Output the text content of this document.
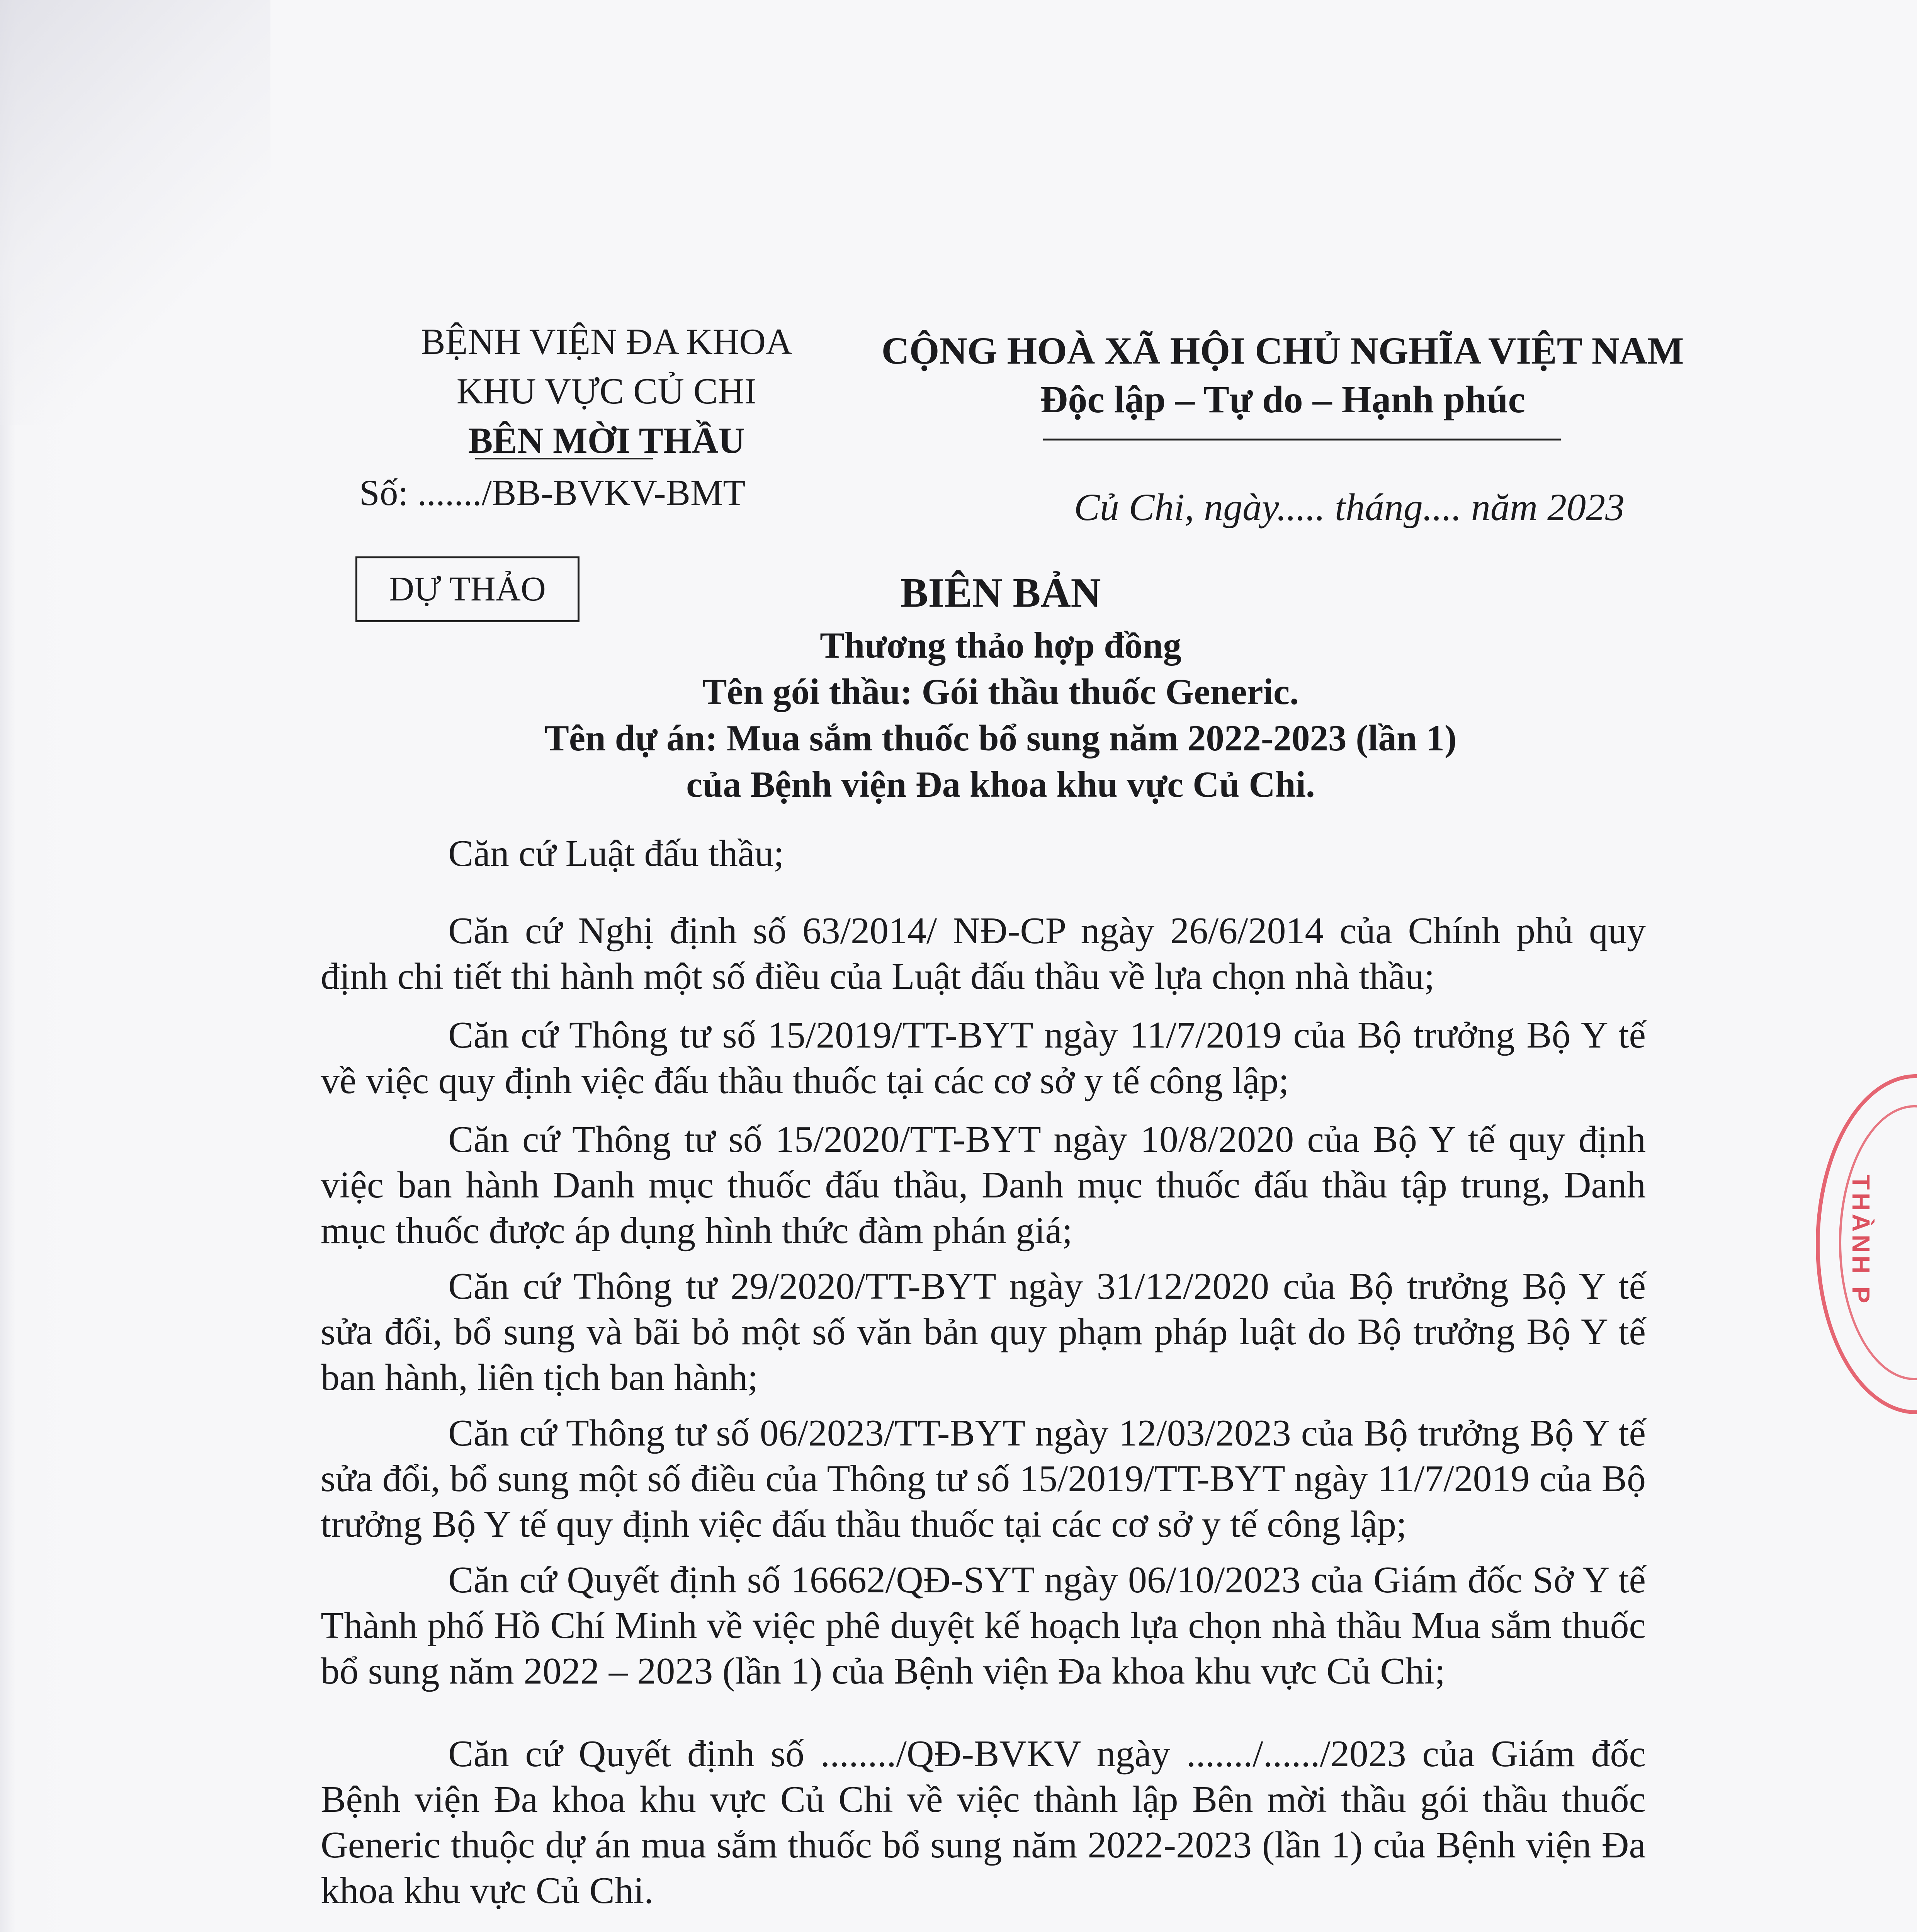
THÀNH P
BỆNH VIỆN ĐA KHOA
KHU VỰC CỦ CHI
BÊN MỜI THẦU
Số: ......./BB-BVKV-BMT
CỘNG HOÀ XÃ HỘI CHỦ NGHĨA VIỆT NAM
Độc lập – Tự do – Hạnh phúc
Củ Chi, ngày..... tháng.... năm 2023
DỰ THẢO	BIÊN BẢN
Thương thảo hợp đồng
Tên gói thầu: Gói thầu thuốc Generic.
Tên dự án: Mua sắm thuốc bổ sung năm 2022-2023 (lần 1)
của Bệnh viện Đa khoa khu vực Củ Chi.
Căn cứ Luật đấu thầu;
Căn cứ Nghị định số 63/2014/ NĐ-CP ngày 26/6/2014 của Chính phủ quy định chi tiết thi hành một số điều của Luật đấu thầu về lựa chọn nhà thầu;
Căn cứ Thông tư số 15/2019/TT-BYT ngày 11/7/2019 của Bộ trưởng Bộ Y tế về việc quy định việc đấu thầu thuốc tại các cơ sở y tế công lập;
Căn cứ Thông tư số 15/2020/TT-BYT ngày 10/8/2020 của Bộ Y tế quy định việc ban hành Danh mục thuốc đấu thầu, Danh mục thuốc đấu thầu tập trung, Danh mục thuốc được áp dụng hình thức đàm phán giá;
Căn cứ Thông tư 29/2020/TT-BYT ngày 31/12/2020 của Bộ trưởng Bộ Y tế sửa đổi, bổ sung và bãi bỏ một số văn bản quy phạm pháp luật do Bộ trưởng Bộ Y tế ban hành, liên tịch ban hành;
Căn cứ Thông tư số 06/2023/TT-BYT ngày 12/03/2023 của Bộ trưởng Bộ Y tế sửa đổi, bổ sung một số điều của Thông tư số 15/2019/TT-BYT ngày 11/7/2019 của Bộ trưởng Bộ Y tế quy định việc đấu thầu thuốc tại các cơ sở y tế công lập;
Căn cứ Quyết định số 16662/QĐ-SYT ngày 06/10/2023 của Giám đốc Sở Y tế Thành phố Hồ Chí Minh về việc phê duyệt kế hoạch lựa chọn nhà thầu Mua sắm thuốc bổ sung năm 2022 – 2023 (lần 1) của Bệnh viện Đa khoa khu vực Củ Chi;
Căn cứ Quyết định số ......../QĐ-BVKV ngày ......./....../2023 của Giám đốc Bệnh viện Đa khoa khu vực Củ Chi về việc thành lập Bên mời thầu gói thầu thuốc Generic thuộc dự án mua sắm thuốc bổ sung năm 2022-2023 (lần 1) của Bệnh viện Đa khoa khu vực Củ Chi.
